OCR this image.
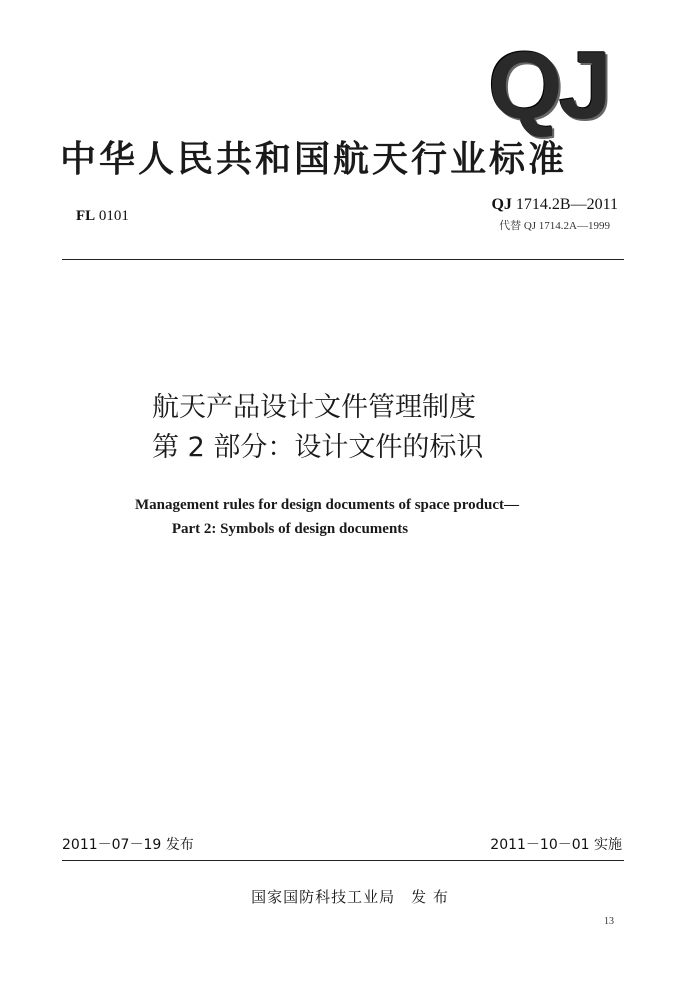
QJ
中华人民共和国航天行业标准
FL 0101
QJ 1714.2B—2011
代替 QJ 1714.2A—1999
航天产品设计文件管理制度
第 2 部分：设计文件的标识
Management rules for design documents of space product—
Part 2: Symbols of design documents
2011－07－19 发布	2011－10－01 实施
国家国防科技工业局　发 布
13
